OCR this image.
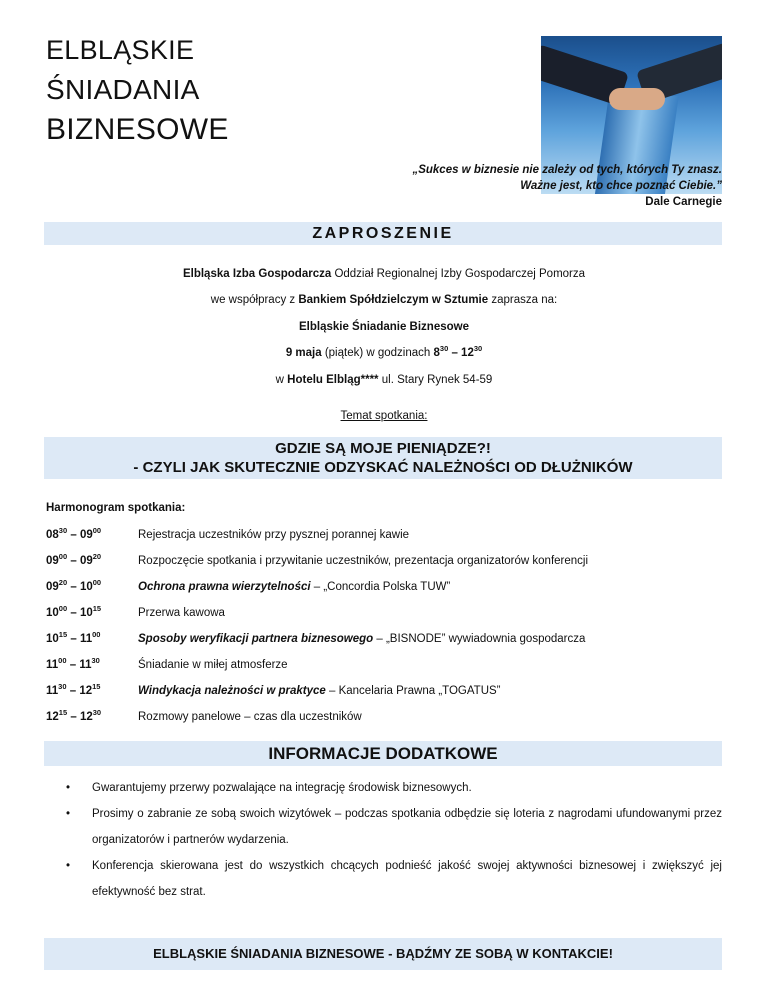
ELBLĄSKIE
ŚNIADANIA
BIZNESOWE
„Sukces w biznesie nie zależy od tych, których Ty znasz.
Ważne jest, kto chce poznać Ciebie.”
Dale Carnegie
ZAPROSZENIE
Elbląska Izba Gospodarcza Oddział Regionalnej Izby Gospodarczej Pomorza
we współpracy z Bankiem Spółdzielczym w Sztumie zaprasza na:
Elbląskie Śniadanie Biznesowe
9 maja (piątek) w godzinach $8^{30} - 12^{30}$
w Hotelu Elbląg**** ul. Stary Rynek 54-59
Temat spotkania:
GDZIE SĄ MOJE PIENIĄDZE?!
- CZYLI JAK SKUTECZNIE ODZYSKAĆ NALEŻNOŚCI OD DŁUŻNIKÓW
Harmonogram spotkania:
$08^{30} - 09^{00}$	Rejestracja uczestników przy pysznej porannej kawie
$09^{00} - 09^{20}$	Rozpoczęcie spotkania i przywitanie uczestników, prezentacja organizatorów konferencji
$09^{20} - 10^{00}$	Ochrona prawna wierzytelności – „Concordia Polska TUW”
$10^{00} - 10^{15}$	Przerwa kawowa
$10^{15} - 11^{00}$	Sposoby weryfikacji partnera biznesowego – „BISNODE” wywiadownia gospodarcza
$11^{00} - 11^{30}$	Śniadanie w miłej atmosferze
$11^{30} - 12^{15}$	Windykacja należności w praktyce – Kancelaria Prawna „TOGATUS”
$12^{15} - 12^{30}$	Rozmowy panelowe – czas dla uczestników
INFORMACJE DODATKOWE
• Gwarantujemy przerwy pozwalające na integrację środowisk biznesowych.
• Prosimy o zabranie ze sobą swoich wizytówek – podczas spotkania odbędzie się loteria z nagrodami ufundowanymi przez organizatorów i partnerów wydarzenia.
• Konferencja skierowana jest do wszystkich chcących podnieść jakość swojej aktywności biznesowej i zwiększyć jej efektywność bez strat.
ELBLĄSKIE ŚNIADANIA BIZNESOWE - BĄDŹMY ZE SOBĄ W KONTAKCIE!
